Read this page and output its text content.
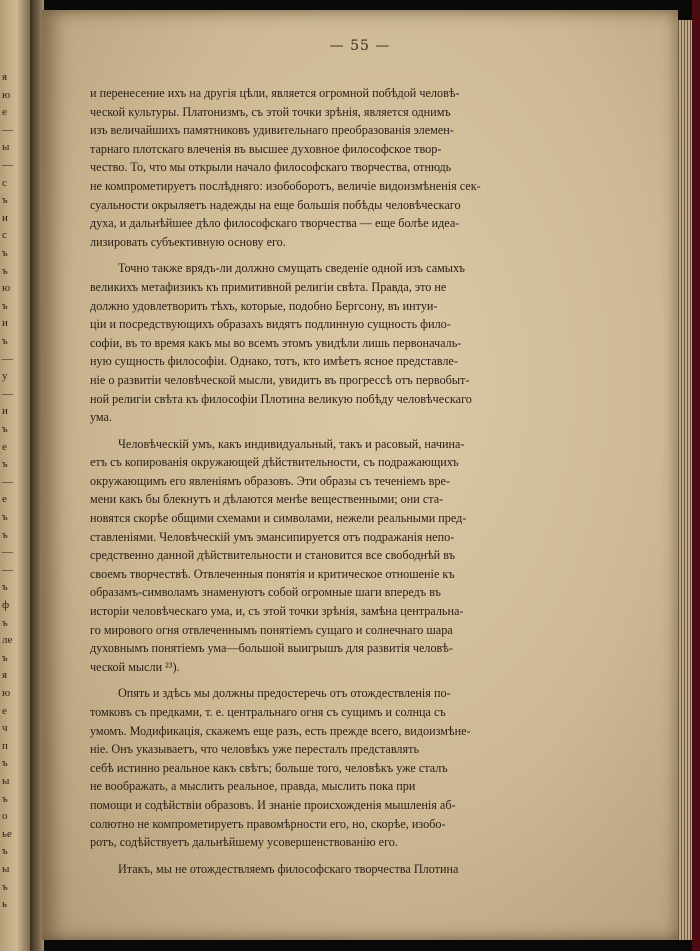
я
ю
е
—
ы
—
с
ъ
и
с
ъ
ъ
ю
ъ
и
ъ
—
у
—
и
ъ
е
ъ
—
е
ъ
ъ
—
—
ъ
ф
ъ
ле
ъ
я
ю
е
ч
п
ъ
ы
ъ
о
ье
ъ
ы
ъ
ь
— 55 —

и перенесение ихъ на другія цѣли, является огромной побѣдой человѣ-
ческой культуры. Платонизмъ, съ этой точки зрѣнія, является однимъ
изъ величайшихъ памятниковъ удивительнаго преобразованія элемен-
тарнаго плотскаго влеченія въ высшее духовное философское твор-
чество. То, что мы открыли начало философскаго творчества, отнюдь
не компрометируетъ послѣдняго: изобоборотъ, величіе видоизмѣненія сек-
суальности окрыляетъ надежды на еще большія побѣды человѣческаго
духа, и дальнѣйшее дѣло философскаго творчества — еще болѣе идеа-
лизировать субъективную основу его.

Точно также врядъ-ли должно смущать сведеніе одной изъ самыхъ
великихъ метафизикъ къ примитивной религіи свѣта. Правда, это не
должно удовлетворить тѣхъ, которые, подобно Бергсону, въ интуи-
ціи и посредствующихъ образахъ видятъ подлинную сущность фило-
софіи, въ то время какъ мы во всемъ этомъ увидѣли лишь первоначаль-
ную сущность философіи. Однако, тотъ, кто имѣетъ ясное представле-
ніе о развитіи человѣческой мысли, увидитъ въ прогрессѣ отъ первобыт-
ной религіи свѣта къ философіи Плотина великую побѣду человѣческаго
ума.

Человѣческій умъ, какъ индивидуальный, такъ и расовый, начина-
етъ съ копированія окружающей дѣйствительности, съ подражающихъ
окружающимъ его явленіямъ образовъ. Эти образы съ теченіемъ вре-
мени какъ бы блекнутъ и дѣлаются менѣе вещественными; они ста-
новятся скорѣе общими схемами и символами, нежели реальными пред-
ставленіями. Человѣческій умъ эмансипируется отъ подражанія непо-
средственно данной дѣйствительности и становится все свободнѣй въ
своемъ творчествѣ. Отвлеченныя понятія и критическое отношеніе къ
образамъ-символамъ знаменуютъ собой огромные шаги впередъ въ
исторіи человѣческаго ума, и, съ этой точки зрѣнія, замѣна центральна-
го мирового огня отвлеченнымъ понятіемъ сущаго и солнечнаго шара
духовнымъ понятіемъ ума—большой выигрышъ для развитія человѣ-
ческой мысли ²³).

Опять и здѣсь мы должны предостеречь отъ отождествленія по-
томковъ съ предками, т. е. центральнаго огня съ сущимъ и солнца съ
умомъ. Модификація, скажемъ еще разъ, есть прежде всего, видоизмѣне-
ніе. Онъ указываетъ, что человѣкъ уже пересталъ представлять
себѣ истинно реальное какъ свѣтъ; больше того, человѣкъ уже сталъ
не воображать, а мыслить реальное, правда, мыслить пока при
помощи и содѣйствіи образовъ. И знаніе происхожденія мышленія аб-
солютно не компрометируетъ правомѣрности его, но, скорѣе, изобо-
ротъ, содѣйствуетъ дальнѣйшему усовершенствованію его.

Итакъ, мы не отождествляемъ философскаго творчества Плотина
